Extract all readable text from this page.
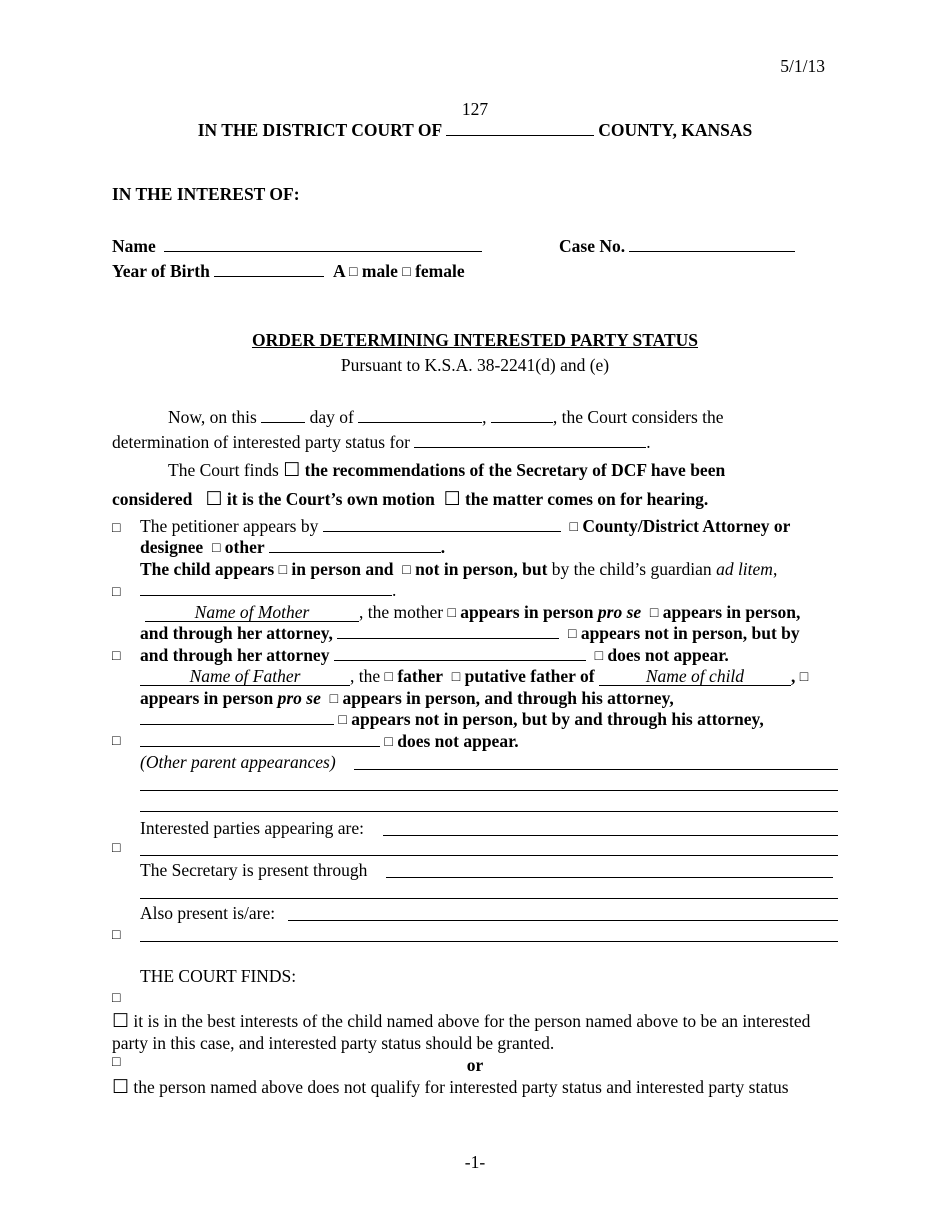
5/1/13
127
IN THE DISTRICT COURT OF	COUNTY, KANSAS
IN THE INTEREST OF:
Name	Case No.
Year of Birth	A □ male □ female
ORDER DETERMINING INTERESTED PARTY STATUS
Pursuant to K.S.A. 38-2241(d) and (e)
Now, on this	day of	,	, the Court considers the
determination of interested party status for	.
The Court finds ☐ the recommendations of the Secretary of DCF have been
considered ☐ it is the Court’s own motion ☐ the matter comes on for hearing.
□	The petitioner appears by	□ County/District Attorney or
designee □ other	.
□
The child appears □ in person and □ not in person, but by the child’s guardian ad litem,
.
□
Name of Mother	, the mother □ appears in person pro se □ appears in person,
and through her attorney,	□ appears not in person, but by
and through her attorney	□ does not appear.
□
Name of Father	, the □ father □ putative father of	Name of child	, □
appears in person pro se □ appears in person, and through his attorney,
□ appears not in person, but by and through his attorney,
□ does not appear.
□
(Other parent appearances)
□
Interested parties appearing are:
□
The Secretary is present through
□
Also present is/are:
THE COURT FINDS:
☐ it is in the best interests of the child named above for the person named above to be an interested
party in this case, and interested party status should be granted.
or
☐ the person named above does not qualify for interested party status and interested party status
-1-
